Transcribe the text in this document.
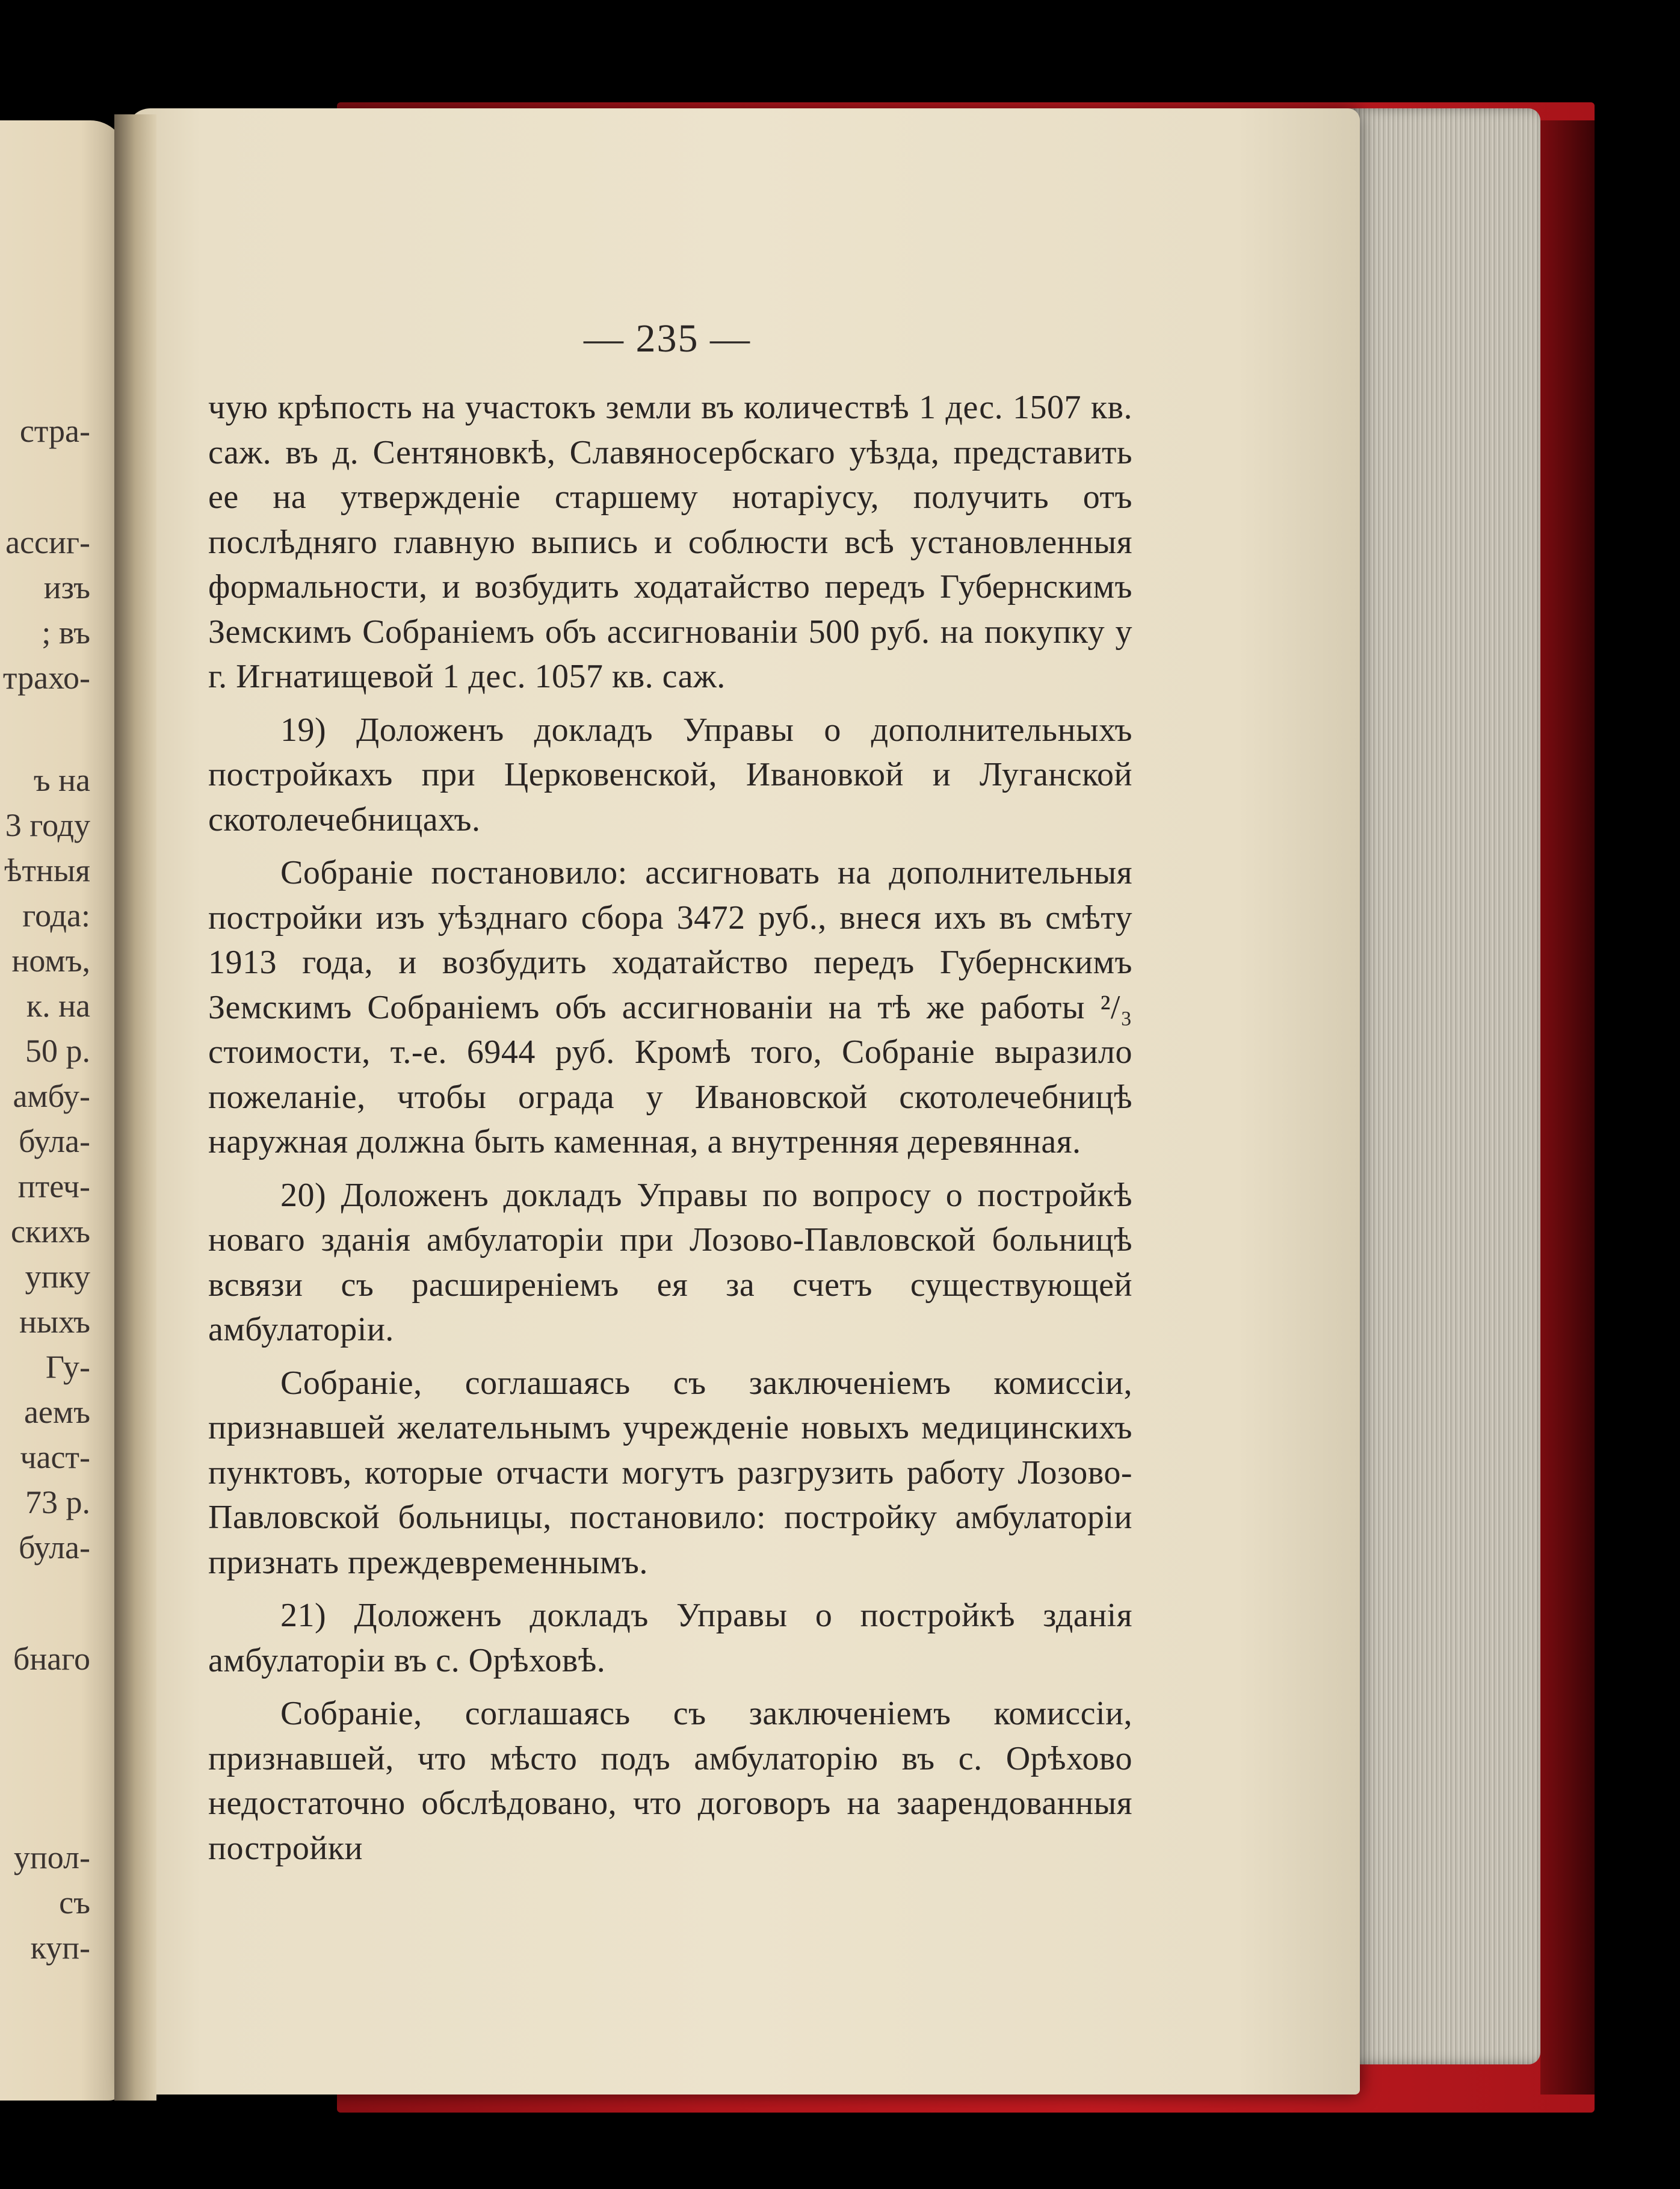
стра-
ассиг-
изъ
; въ
трахо-
ъ на
3 году
ѣтныя
года:
номъ,
к. на
50 р.
амбу-
була-
птеч-
скихъ
упку
ныхъ
Гу-
аемъ
част-
73 р.
була-
бнаго
упол-
съ
куп-
— 235 —

чую крѣпость на участокъ земли въ количествѣ 1 дес. 1507 кв. саж. въ д. Сентяновкѣ, Славяносербскаго уѣзда, представить ее на утвержденіе старшему нотаріусу, получить отъ послѣдняго главную выпись и соблюсти всѣ установленныя формальности, и возбудить ходатайство передъ Губернскимъ Земскимъ Собраніемъ объ ассигнованіи 500 руб. на покупку у г. Игнатищевой 1 дес. 1057 кв. саж.

19) Доложенъ докладъ Управы о дополнительныхъ постройкахъ при Церковенской, Ивановкой и Луганской скотолечебницахъ.

Собраніе постановило: ассигновать на дополнительныя постройки изъ уѣзднаго сбора 3472 руб., внеся ихъ въ смѣту 1913 года, и возбудить ходатайство передъ Губернскимъ Земскимъ Собраніемъ объ ассигнованіи на тѣ же работы ²/₃ стоимости, т.-е. 6944 руб. Кромѣ того, Собраніе выразило пожеланіе, чтобы ограда у Ивановской скотолечебницѣ наружная должна быть каменная, а внутренняя деревянная.

20) Доложенъ докладъ Управы по вопросу о постройкѣ новаго зданія амбулаторіи при Лозово-Павловской больницѣ всвязи съ расширеніемъ ея за счетъ существующей амбулаторіи.

Собраніе, соглашаясь съ заключеніемъ комиссіи, признавшей желательнымъ учрежденіе новыхъ медицинскихъ пунктовъ, которые отчасти могутъ разгрузить работу Лозово-Павловской больницы, постановило: постройку амбулаторіи признать преждевременнымъ.

21) Доложенъ докладъ Управы о постройкѣ зданія амбулаторіи въ с. Орѣховѣ.

Собраніе, соглашаясь съ заключеніемъ комиссіи, признавшей, что мѣсто подъ амбулаторію въ с. Орѣхово недостаточно обслѣдовано, что договоръ на заарендованныя постройки
